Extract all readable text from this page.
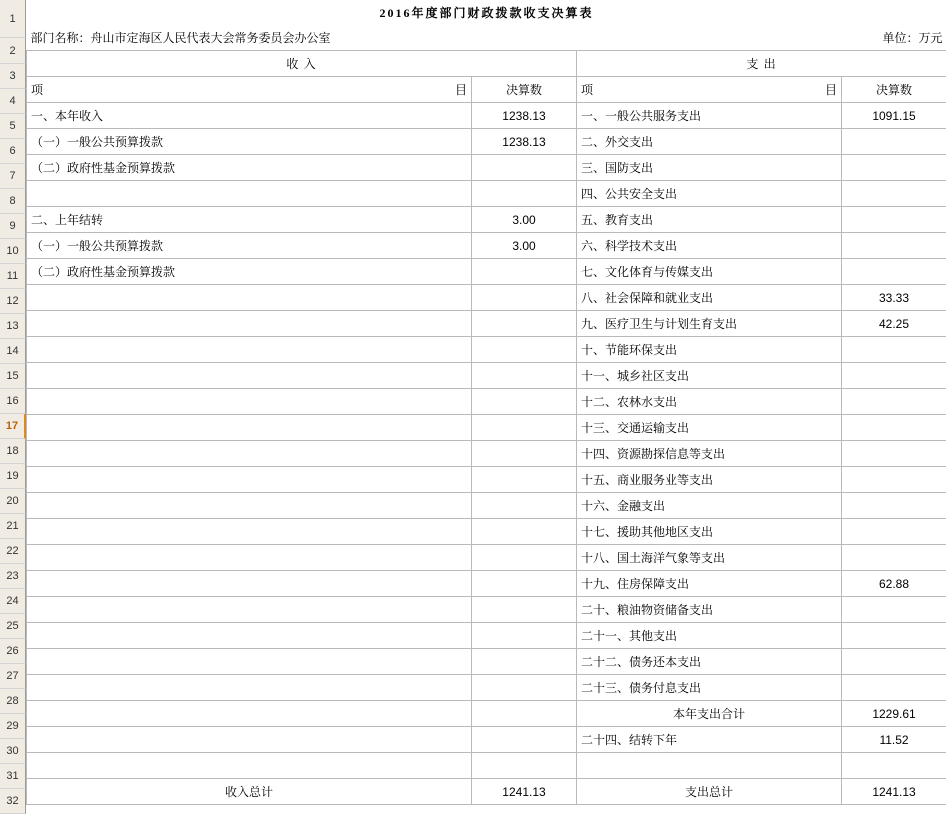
1
2
3
4
5
6
7
8
9
10
11
12
13
14
15
16
17
18
19
20
21
22
23
24
25
26
27
28
29
30
31
32
2016年度部门财政拨款收支决算表			
部门名称：舟山市定海区人民代表大会常务委员会办公室		单位：万元	
收 入		支 出	
项 目	决算数	项 目	决算数
一、本年收入	1238.13	一、一般公共服务支出	1091.15
（一）一般公共预算拨款	1238.13	二、外交支出	
（二）政府性基金预算拨款		三、国防支出	
		四、公共安全支出	
二、上年结转	3.00	五、教育支出	
（一）一般公共预算拨款	3.00	六、科学技术支出	
（二）政府性基金预算拨款		七、文化体育与传媒支出	
		八、社会保障和就业支出	33.33
		九、医疗卫生与计划生育支出	42.25
		十、节能环保支出	
		十一、城乡社区支出	
		十二、农林水支出	
		十三、交通运输支出	
		十四、资源勘探信息等支出	
		十五、商业服务业等支出	
		十六、金融支出	
		十七、援助其他地区支出	
		十八、国土海洋气象等支出	
		十九、住房保障支出	62.88
		二十、粮油物资储备支出	
		二十一、其他支出	
		二十二、债务还本支出	
		二十三、债务付息支出	
		本年支出合计	1229.61
		二十四、结转下年	11.52

收入总计	1241.13	支出总计	1241.13
